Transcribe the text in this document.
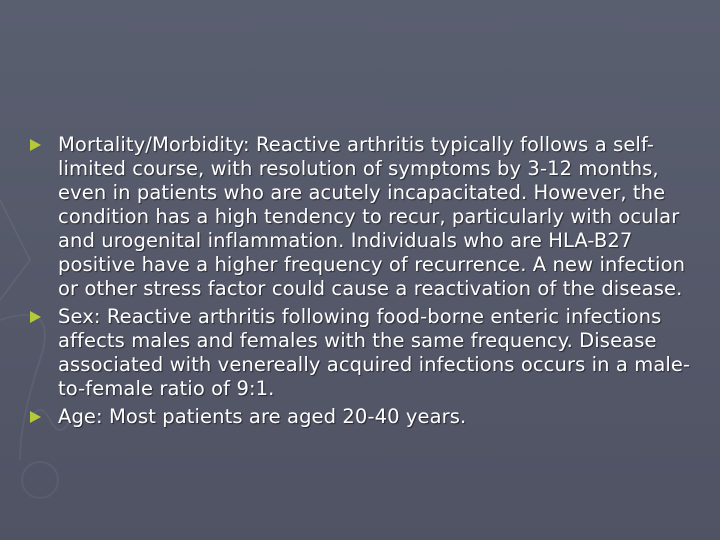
Mortality/Morbidity: Reactive arthritis typically follows a self-limited course, with resolution of symptoms by 3-12 months, even in patients who are acutely incapacitated. However, the condition has a high tendency to recur, particularly with ocular and urogenital inflammation. Individuals who are HLA-B27 positive have a higher frequency of recurrence. A new infection or other stress factor could cause a reactivation of the disease.
Sex: Reactive arthritis following food-borne enteric infections affects males and females with the same frequency. Disease associated with venereally acquired infections occurs in a male-to-female ratio of 9:1.
Age: Most patients are aged 20-40 years.
